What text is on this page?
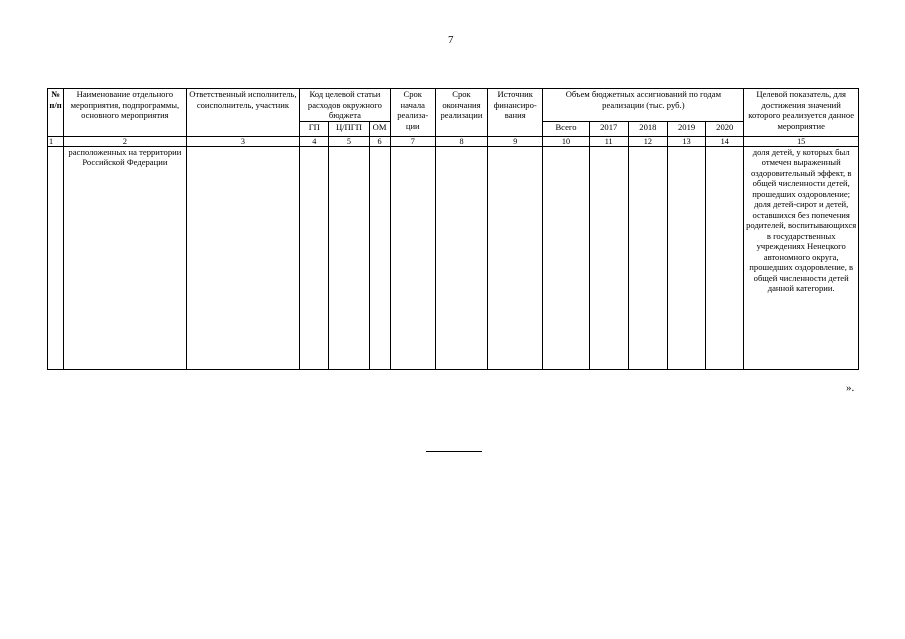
7
№ п/п	Наименование отдельного мероприятия, подпрограммы, основного мероприятия	Ответственный исполнитель, соисполнитель, участник	Код целевой статьи расходов окружного бюджета			Срок начала реализа-ции	Срок окончания реализации	Источник финансиро-вания	Объем бюджетных ассигнований по годам реализации (тыс. руб.)					Целевой показатель, для достижения значений которого реализуется данное мероприятие
			ГП	Ц/ПГП	ОМ				Всего	2017	2018	2019	2020	
1	2	3	4	5	6	7	8	9	10	11	12	13	14	15

	расположенных на территории Российской Федерации													доля детей, у которых был отмечен выраженный оздоровительный эффект, в общей численности детей, прошедших оздоровление; доля детей-сирот и детей, оставшихся без попечения родителей, воспитывающихся в государственных учреждениях Ненецкого автономного округа, прошедших оздоровление, в общей численности детей данной категории.
».
